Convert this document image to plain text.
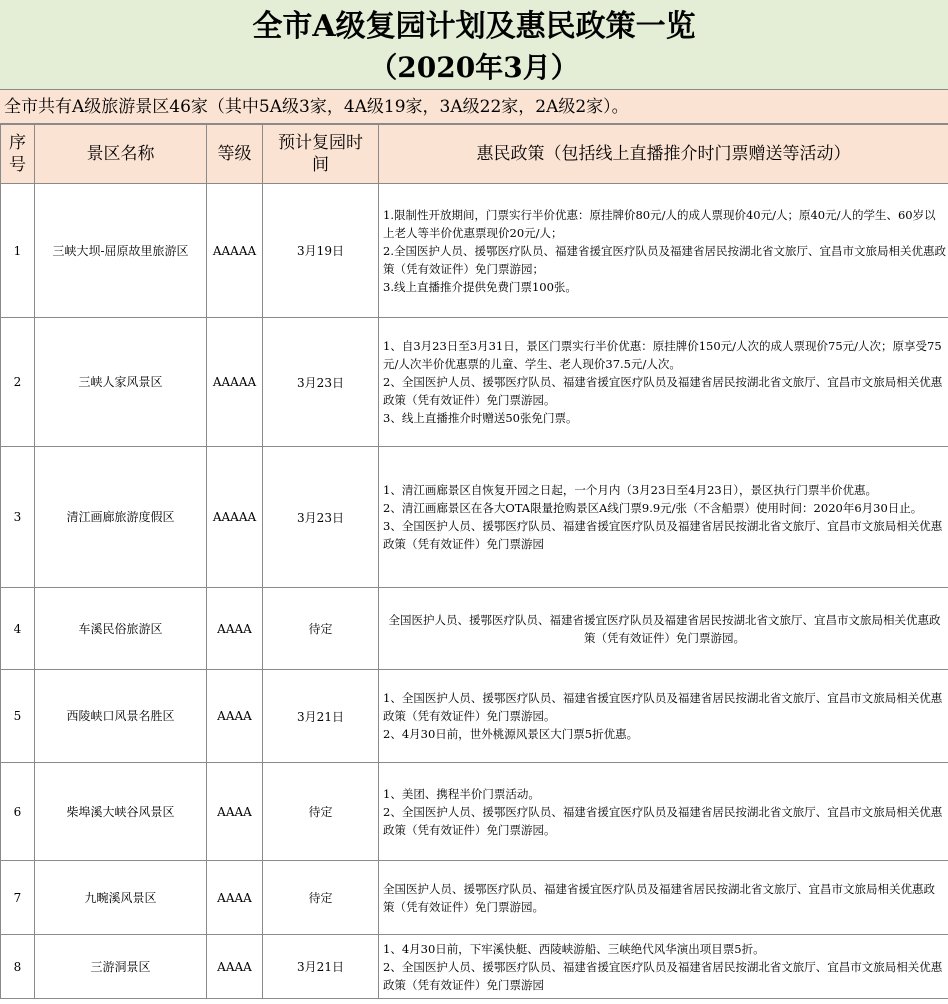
全市A级复园计划及惠民政策一览
（2020年3月）
全市共有A级旅游景区46家（其中5A级3家，4A级19家，3A级22家，2A级2家）。
序号	景区名称	等级	预计复园时间	惠民政策（包括线上直播推介时门票赠送等活动）
1	三峡大坝-屈原故里旅游区	AAAAA	3月19日	1.限制性开放期间，门票实行半价优惠：原挂牌价80元/人的成人票现价40元/人；原40元/人的学生、60岁以上老人等半价优惠票现价20元/人；

2.全国医护人员、援鄂医疗队员、福建省援宜医疗队员及福建省居民按湖北省文旅厅、宜昌市文旅局相关优惠政策（凭有效证件）免门票游园；

3.线上直播推介提供免费门票100张。

2	三峡人家风景区	AAAAA	3月23日	1、自3月23日至3月31日，景区门票实行半价优惠：原挂牌价150元/人次的成人票现价75元/人次；原享受75元/人次半价优惠票的儿童、学生、老人现价37.5元/人次。

2、全国医护人员、援鄂医疗队员、福建省援宜医疗队员及福建省居民按湖北省文旅厅、宜昌市文旅局相关优惠政策（凭有效证件）免门票游园。

3、线上直播推介时赠送50张免门票。

3	清江画廊旅游度假区	AAAAA	3月23日	1、清江画廊景区自恢复开园之日起，一个月内（3月23日至4月23日），景区执行门票半价优惠。

2、清江画廊景区在各大OTA限量抢购景区A线门票9.9元/张（不含船票）使用时间：2020年6月30日止。

3、全国医护人员、援鄂医疗队员、福建省援宜医疗队员及福建省居民按湖北省文旅厅、宜昌市文旅局相关优惠政策（凭有效证件）免门票游园

4	车溪民俗旅游区	AAAA	待定	全国医护人员、援鄂医疗队员、福建省援宜医疗队员及福建省居民按湖北省文旅厅、宜昌市文旅局相关优惠政策（凭有效证件）免门票游园。

5	西陵峡口风景名胜区	AAAA	3月21日	1、全国医护人员、援鄂医疗队员、福建省援宜医疗队员及福建省居民按湖北省文旅厅、宜昌市文旅局相关优惠政策（凭有效证件）免门票游园。

2、4月30日前，世外桃源风景区大门票5折优惠。

6	柴埠溪大峡谷风景区	AAAA	待定	1、美团、携程半价门票活动。

2、全国医护人员、援鄂医疗队员、福建省援宜医疗队员及福建省居民按湖北省文旅厅、宜昌市文旅局相关优惠政策（凭有效证件）免门票游园。

7	九畹溪风景区	AAAA	待定	全国医护人员、援鄂医疗队员、福建省援宜医疗队员及福建省居民按湖北省文旅厅、宜昌市文旅局相关优惠政策（凭有效证件）免门票游园。

8	三游洞景区	AAAA	3月21日	1、4月30日前，下牢溪快艇、西陵峡游船、三峡绝代风华演出项目票5折。

2、全国医护人员、援鄂医疗队员、福建省援宜医疗队员及福建省居民按湖北省文旅厅、宜昌市文旅局相关优惠政策（凭有效证件）免门票游园
